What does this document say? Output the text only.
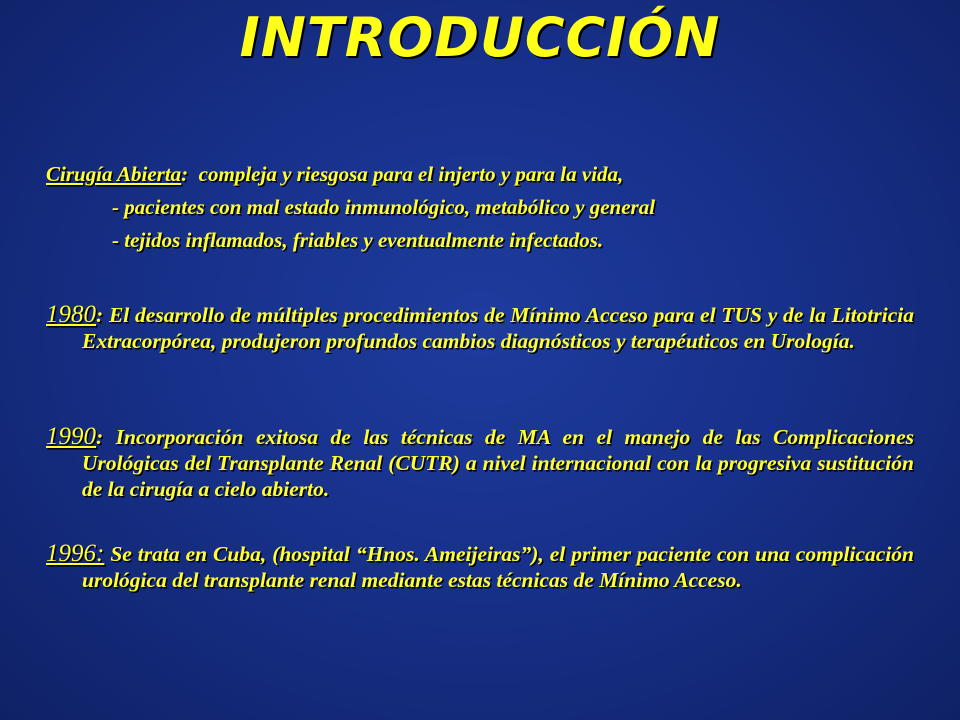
INTRODUCCIÓN
Cirugía Abierta: compleja y riesgosa para el injerto y para la vida,
- pacientes con mal estado inmunológico, metabólico y general
- tejidos inflamados, friables y eventualmente infectados.
1980: El desarrollo de múltiples procedimientos de Mínimo Acceso para el TUS y de la Litotricia Extracorpórea, produjeron profundos cambios diagnósticos y terapéuticos en Urología.
1990: Incorporación exitosa de las técnicas de MA en el manejo de las Complicaciones Urológicas del Transplante Renal (CUTR) a nivel internacional con la progresiva sustitución de la cirugía a cielo abierto.
1996: Se trata en Cuba, (hospital “Hnos. Ameijeiras”), el primer paciente con una complicación urológica del transplante renal mediante estas técnicas de Mínimo Acceso.
